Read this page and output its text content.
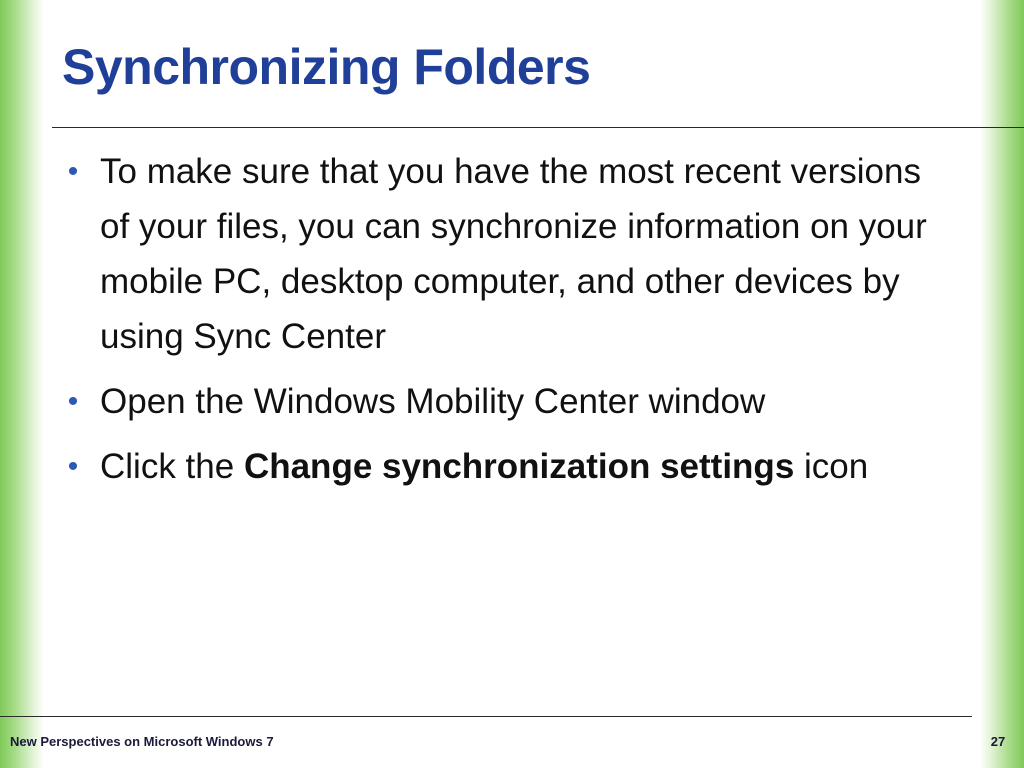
Synchronizing Folders
• To make sure that you have the most recent versions of your files, you can synchronize information on your mobile PC, desktop computer, and other devices by using Sync Center
• Open the Windows Mobility Center window
• Click the Change synchronization settings icon
New Perspectives on Microsoft Windows 7	27
